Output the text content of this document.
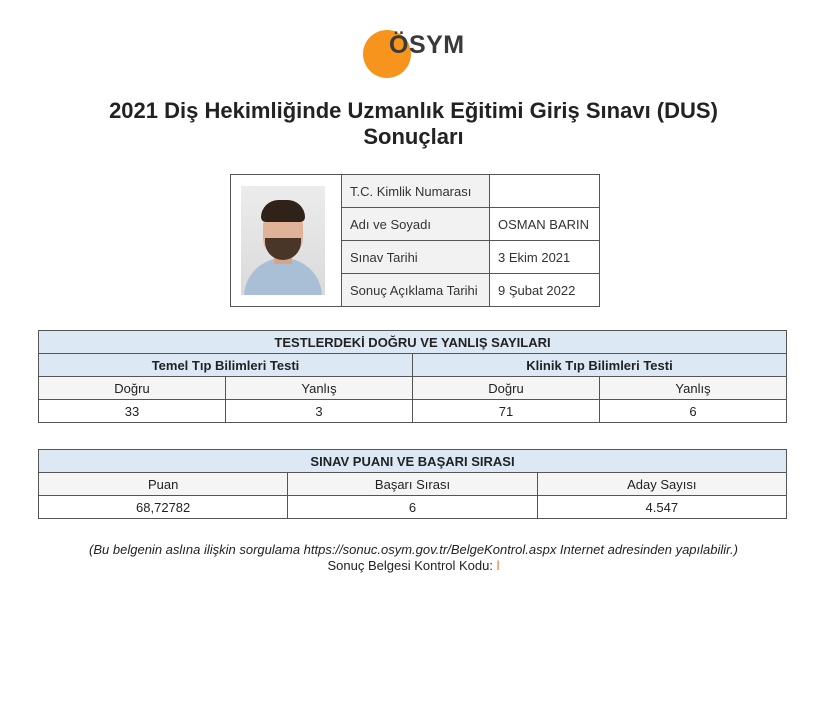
ÖSYM
2021 Diş Hekimliğinde Uzmanlık Eğitimi Giriş Sınavı (DUS)
Sonuçları
	T.C. Kimlik Numarası	
	Adı ve Soyadı	OSMAN BARIN
	Sınav Tarihi	3 Ekim 2021
	Sonuç Açıklama Tarihi	9 Şubat 2022
TESTLERDEKİ DOĞRU VE YANLIŞ SAYILARI			
Temel Tıp Bilimleri Testi		Klinik Tıp Bilimleri Testi	
Doğru	Yanlış	Doğru	Yanlış
33	3	71	6
SINAV PUANI VE BAŞARI SIRASI		
Puan	Başarı Sırası	Aday Sayısı
68,72782	6	4.547
(Bu belgenin aslına ilişkin sorgulama https://sonuc.osym.gov.tr/BelgeKontrol.aspx Internet adresinden yapılabilir.)
Sonuç Belgesi Kontrol Kodu: l
